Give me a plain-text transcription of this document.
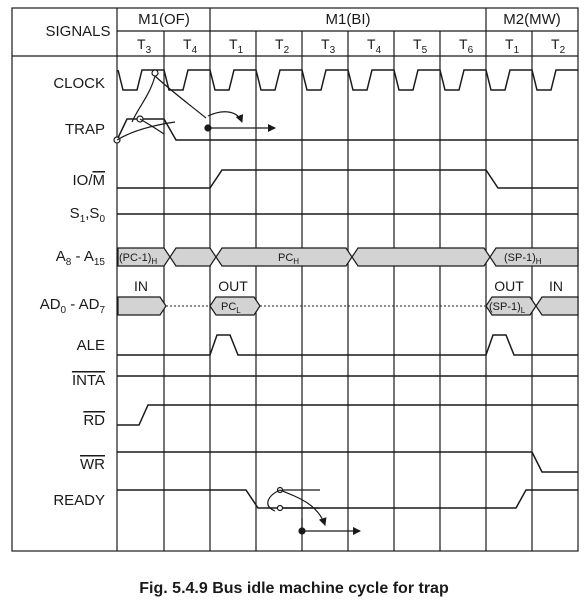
SIGNALS
M1(OF)	M1(BI)	M2(MW)
$T_3$ $T_4$ $T_1$ $T_2$ $T_3$ $T_4$ $T_5$ $T_6$ $T_1$ $T_2$
CLOCK
TRAP
IO/M
$S_1,S_0$
$A_8 - A_{15}$
$AD_0 - AD_7$
ALE
INTA
RD
WR
READY
$(PC-1)_H$	$PC_H$	$(SP-1)_H$
$PC_L$	$(SP-1)_L$
IN	OUT	OUT IN
Fig. 5.4.9 Bus idle machine cycle for trap
